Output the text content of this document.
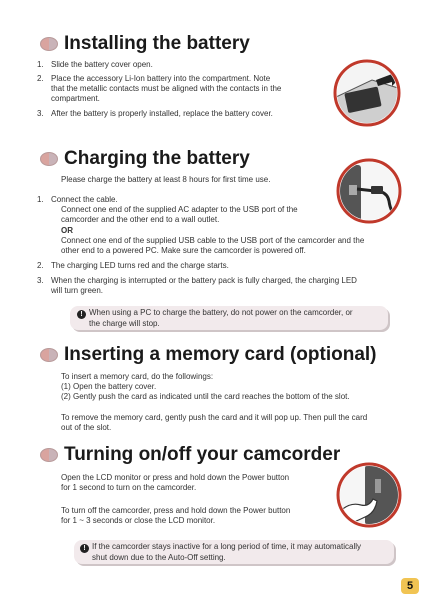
Installing the battery
1. Slide the battery cover open.
2. Place the accessory Li-Ion battery into the compartment. Note
that the metallic contacts must be aligned with the contacts in the
compartment.
3. After the battery is properly installed, replace the battery cover.
Charging the battery
Please charge the battery at least 8 hours for first time use.
1. Connect the cable.
Connect one end of the supplied AC adapter to the USB port of the
camcorder and the other end to a wall outlet.
OR
Connect one end of the supplied USB cable to the USB port of the camcorder and the
other end to a powered PC. Make sure the camcorder is powered off.
2. The charging LED turns red and the charge starts.
3. When the charging is interrupted or the battery pack is fully charged, the charging LED
will turn green.
! When using a PC to charge the battery, do not power on the camcorder, or
the charge will stop.
Inserting a memory card (optional)
To insert a memory card, do the followings:
(1) Open the battery cover.
(2) Gently push the card as indicated until the card reaches the bottom of the slot.
To remove the memory card, gently push the card and it will pop up. Then pull the card
out of the slot.
Turning on/off your camcorder
Open the LCD monitor or press and hold down the Power button
for 1 second to turn on the camcorder.
To turn off the camcorder, press and hold down the Power button
for 1 ~ 3 seconds or close the LCD monitor.
! If the camcorder stays inactive for a long period of time, it may automatically
shut down due to the Auto-Off setting.
5
